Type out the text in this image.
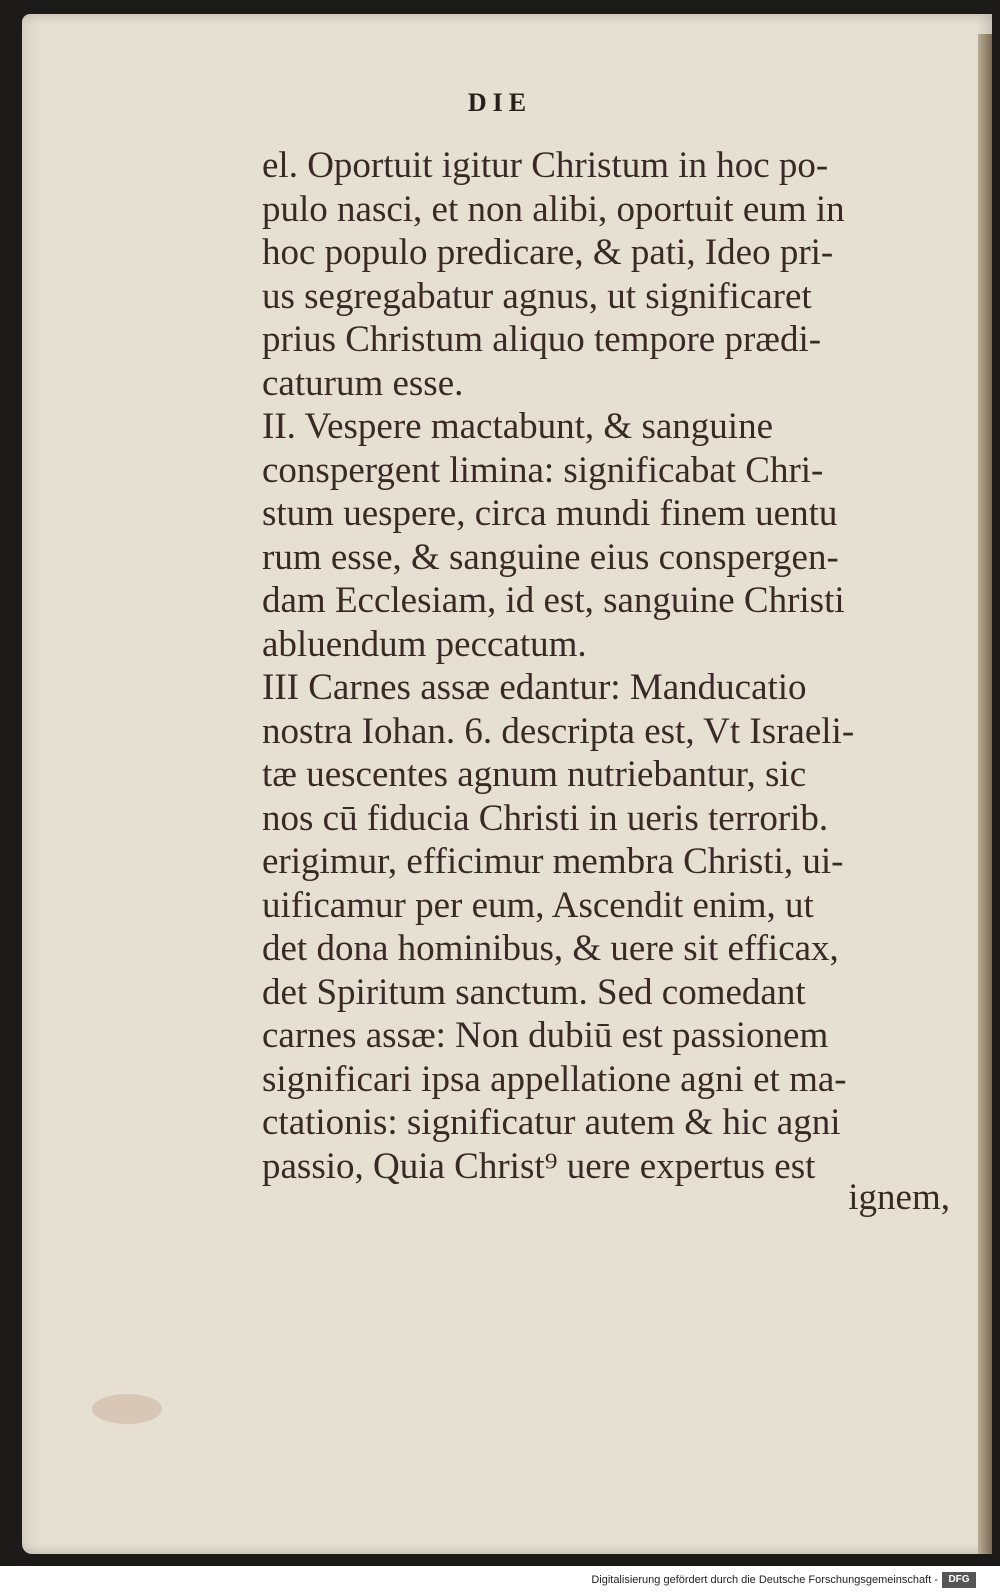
DIE
el. Oportuit igitur Christum in hoc po-
pulo nasci, et non alibi, oportuit eum in
hoc populo predicare, & pati, Ideo pri-
us segregabatur agnus, ut significaret
prius Christum aliquo tempore prædi-
caturum esse.
II. Vespere mactabunt, & sanguine
conspergent limina: significabat Chri-
stum uespere, circa mundi finem uentu
rum esse, & sanguine eius conspergen-
dam Ecclesiam, id est, sanguine Christi
abluendum peccatum.
III Carnes assæ edantur: Manducatio
nostra Iohan. 6. descripta est, Vt Israeli-
tæ uescentes agnum nutriebantur, sic
nos cū fiducia Christi in ueris terrorib.
erigimur, efficimur membra Christi, ui-
uificamur per eum, Ascendit enim, ut
det dona hominibus, & uere sit efficax,
det Spiritum sanctum. Sed comedant
carnes assæ: Non dubiū est passionem
significari ipsa appellatione agni et ma-
ctationis: significatur autem & hic agni
passio, Quia Christ⁹ uere expertus est
ignem,
Digitalisierung gefördert durch die Deutsche Forschungsgemeinschaft -	DFG
